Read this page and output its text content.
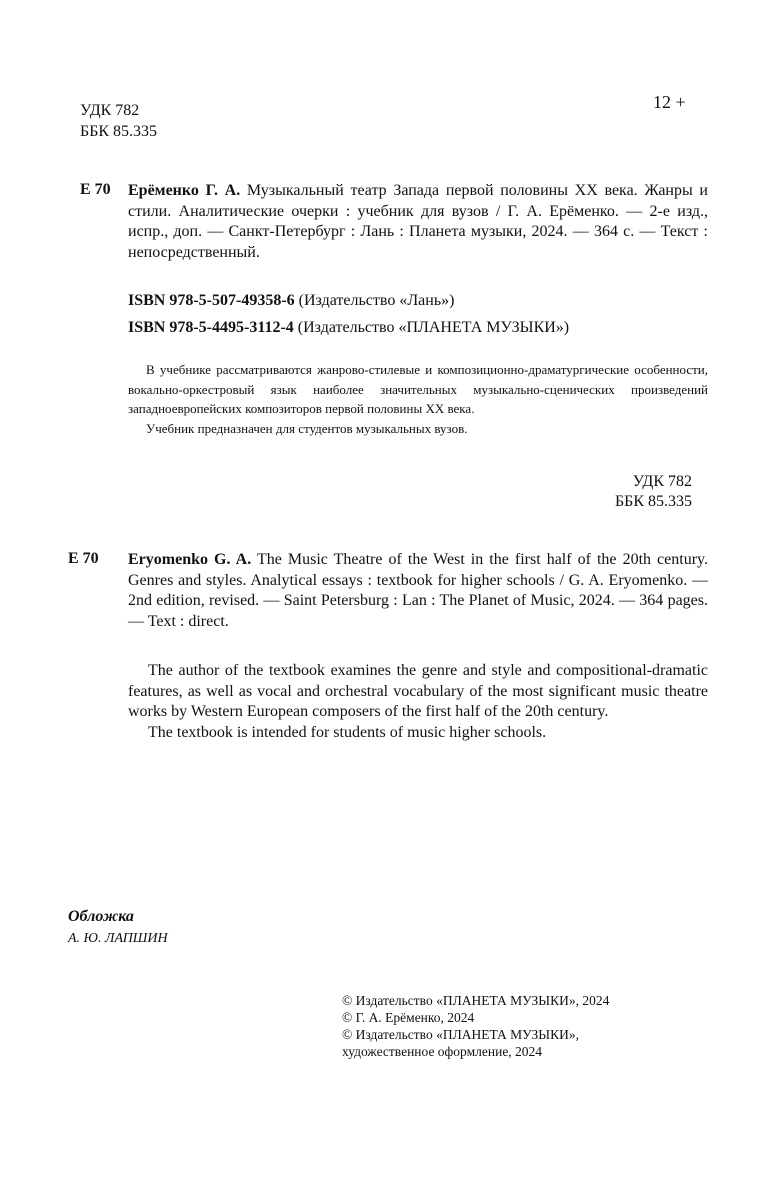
УДК 782
ББК 85.335
12 +
Е 70 Ерёменко Г. А. Музыкальный театр Запада первой половины XX века. Жанры и стили. Аналитические очерки : учебник для вузов / Г. А. Ерёменко. — 2-е изд., испр., доп. — Санкт-Петербург : Лань : Планета музыки, 2024. — 364 с. — Текст : непосредственный.
ISBN 978-5-507-49358-6 (Издательство «Лань»)
ISBN 978-5-4495-3112-4 (Издательство «ПЛАНЕТА МУЗЫКИ»)

В учебнике рассматриваются жанрово-стилевые и композиционно-драматургические особенности, вокально-оркестровый язык наиболее значительных музыкально-сценических произведений западноевропейских композиторов первой половины XX века.

Учебник предназначен для студентов музыкальных вузов.

УДК 782
ББК 85.335
E 70 Eryomenko G. A. The Music Theatre of the West in the first half of the 20th century. Genres and styles. Analytical essays : textbook for higher schools / G. A. Eryomenko. — 2nd edition, revised. — Saint Petersburg : Lan : The Planet of Music, 2024. — 364 pages. — Text : direct.

The author of the textbook examines the genre and style and compositional-dramatic features, as well as vocal and orchestral vocabulary of the most significant music theatre works by Western European composers of the first half of the 20th century.

The textbook is intended for students of music higher schools.

Обложка
А. Ю. ЛАПШИН
© Издательство «ПЛАНЕТА МУЗЫКИ», 2024
© Г. А. Ерёменко, 2024
© Издательство «ПЛАНЕТА МУЗЫКИ»,
художественное оформление, 2024
